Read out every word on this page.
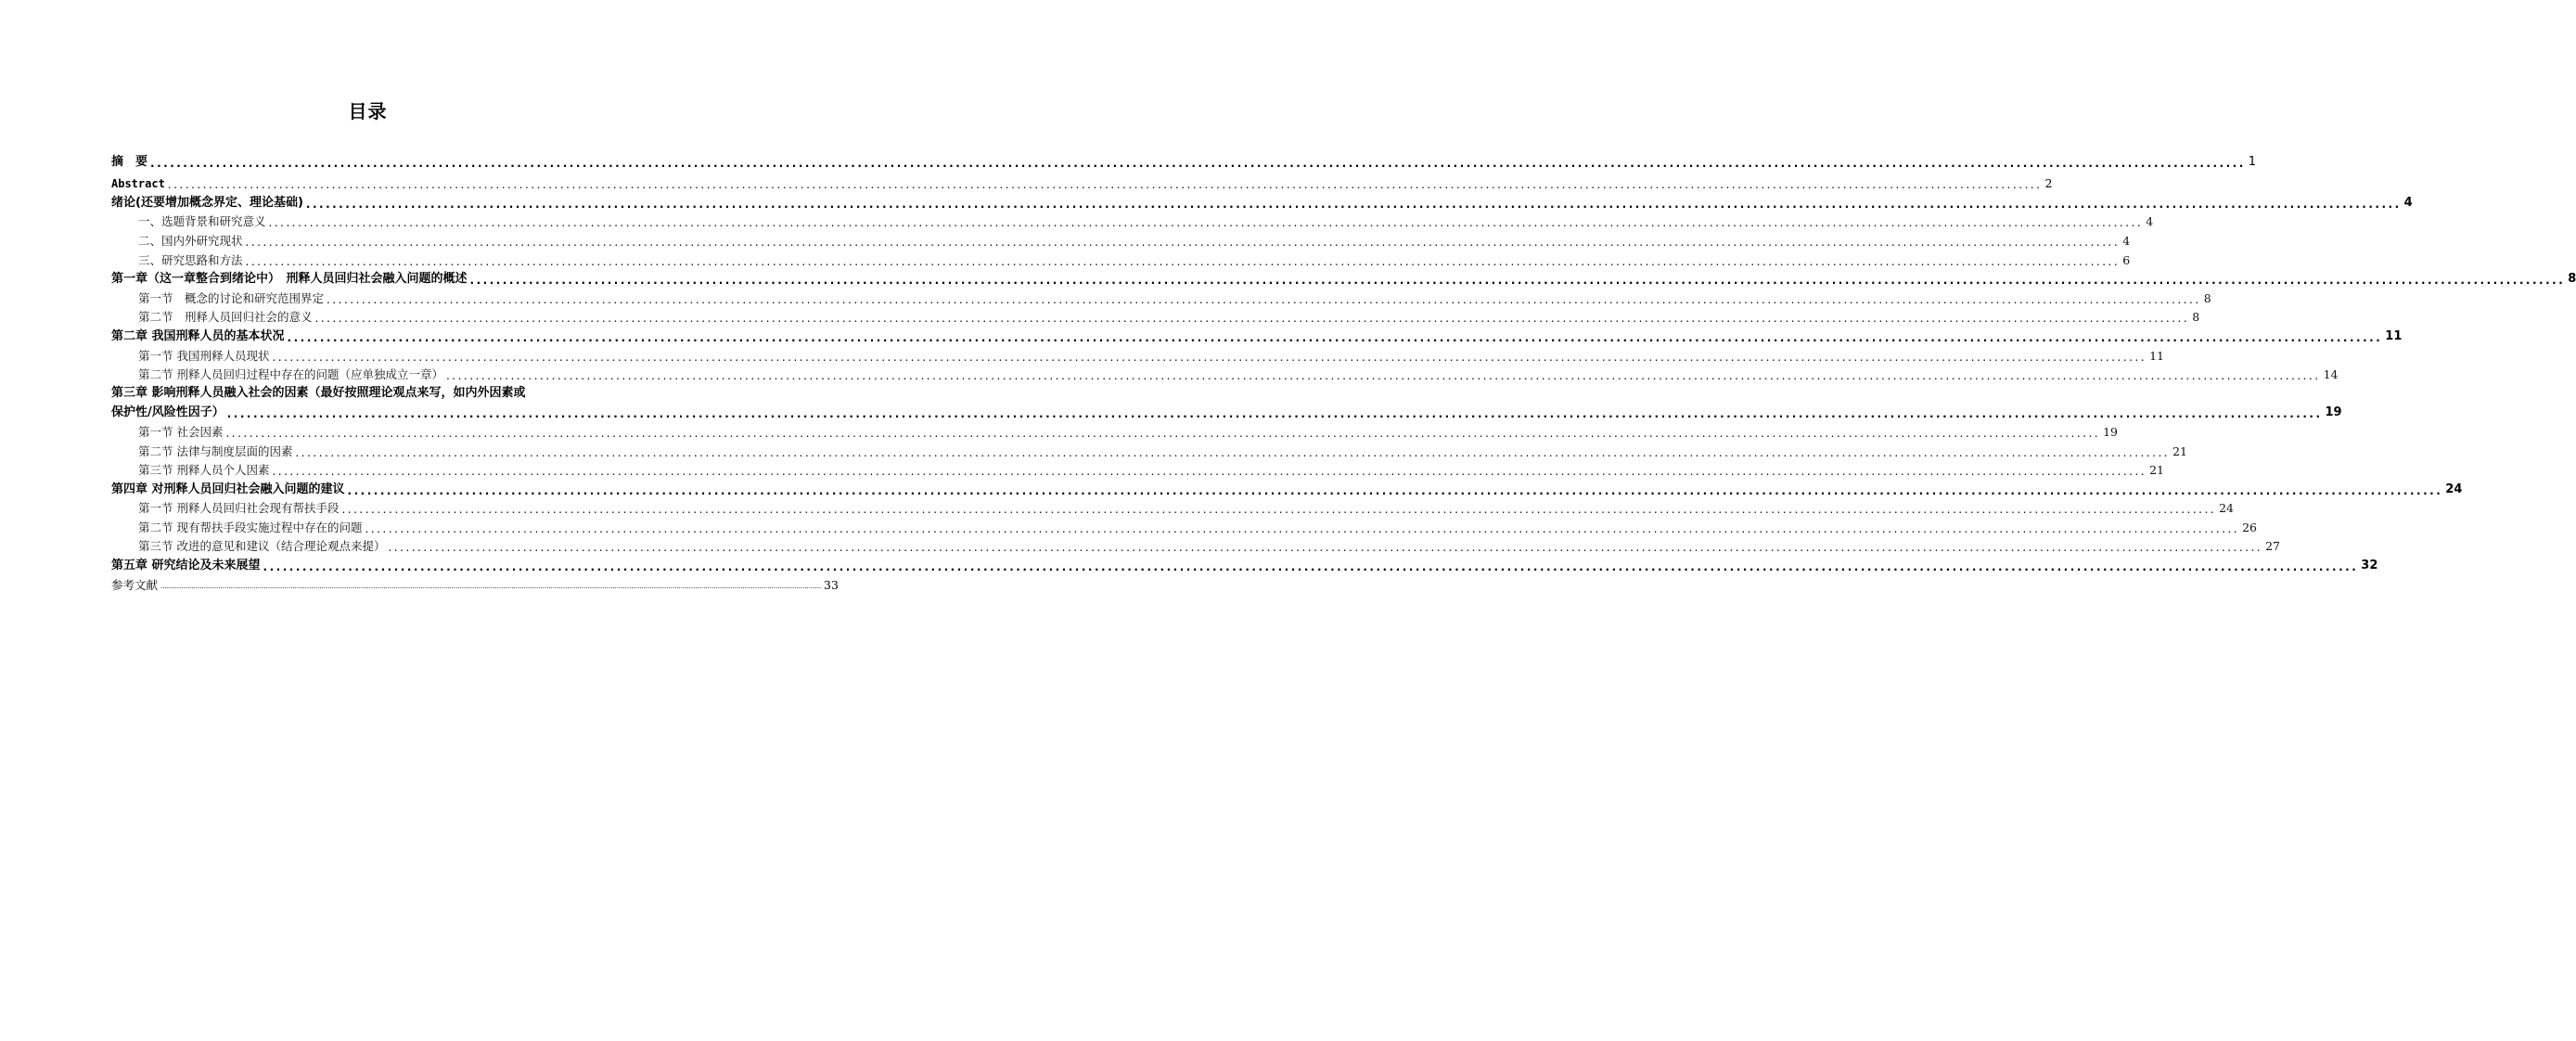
目录
摘　要 ................................................................................................................................................................................................................................................................................................................................ 1
Abstract ................................................................................................................................................................................................................................................................................................................................ 2
绪论(还要增加概念界定、理论基础) ................................................................................................................................................................................................................................................................................................................................ 4
一、选题背景和研究意义 ................................................................................................................................................................................................................................................................................................................................ 4
二、国内外研究现状 ................................................................................................................................................................................................................................................................................................................................ 4
三、研究思路和方法 ................................................................................................................................................................................................................................................................................................................................ 6
第一章（这一章整合到绪论中）　刑释人员回归社会融入问题的概述 ................................................................................................................................................................................................................................................................................................................................ 8
第一节　概念的讨论和研究范围界定 ................................................................................................................................................................................................................................................................................................................................ 8
第二节　刑释人员回归社会的意义 ................................................................................................................................................................................................................................................................................................................................ 8
第二章 我国刑释人员的基本状况 ................................................................................................................................................................................................................................................................................................................................ 11
第一节 我国刑释人员现状 ................................................................................................................................................................................................................................................................................................................................ 11
第二节 刑释人员回归过程中存在的问题（应单独成立一章） ................................................................................................................................................................................................................................................................................................................................ 14
第三章 影响刑释人员融入社会的因素（最好按照理论观点来写，如内外因素或
保护性/风险性因子） ................................................................................................................................................................................................................................................................................................................................ 19
第一节 社会因素 ................................................................................................................................................................................................................................................................................................................................ 19
第二节 法律与制度层面的因素 ................................................................................................................................................................................................................................................................................................................................ 21
第三节 刑释人员个人因素 ................................................................................................................................................................................................................................................................................................................................ 21
第四章 对刑释人员回归社会融入问题的建议 ................................................................................................................................................................................................................................................................................................................................ 24
第一节 刑释人员回归社会现有帮扶手段 ................................................................................................................................................................................................................................................................................................................................ 24
第二节 现有帮扶手段实施过程中存在的问题 ................................................................................................................................................................................................................................................................................................................................ 26
第三节 改进的意见和建议（结合理论观点来提） ................................................................................................................................................................................................................................................................................................................................ 27
第五章 研究结论及未来展望 ................................................................................................................................................................................................................................................................................................................................ 32
参考文献 ................................................................................................................................................................................................................................................................................................................................ 33
